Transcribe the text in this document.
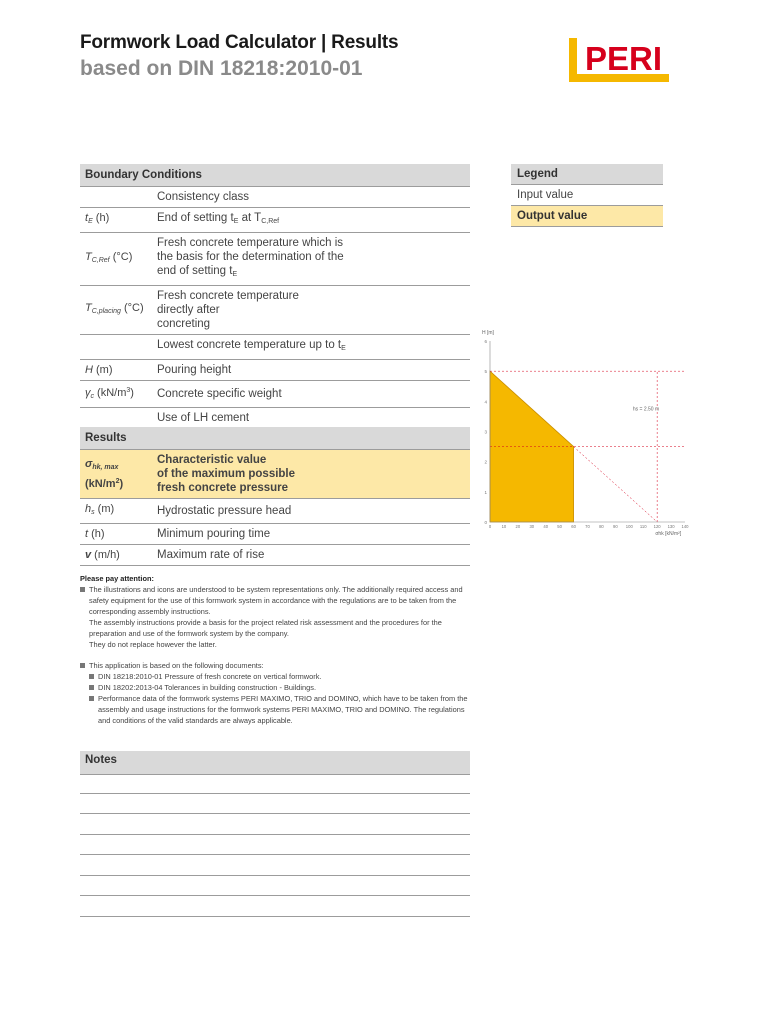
Formwork Load Calculator | Results
based on DIN 18218:2010-01	PERI
Boundary Conditions	
	Consistency class
$t_E$ (h)	End of setting $t_E$ at $T_{C,Ref}$
$T_{C,Ref}$ (°C)	Fresh concrete temperature which is
the basis for the determination of the
end of setting $t_E$
$T_{C,placing}$ (°C)	Fresh concrete temperature
directly after
concreting
	Lowest concrete temperature up to $t_E$
H (m)	Pouring height
$\gamma_c$ $(kN/m^3)$	Concrete specific weight
	Use of LH cement
Results	
$\sigma_{hk, max}$
$(kN/m^2)$	Characteristic value
of the maximum possible
fresh concrete pressure
$h_s$ (m)	Hydrostatic pressure head
t (h)	Minimum pouring time
v (m/h)	Maximum rate of rise
Legend
Input value
Output value
0
1
2
3
4
5
6
0 10 20 30 40 50 60 70 80 90 100 110 120 130 140
H [m]
σhk [kN/m²]
hs = 2.50 m
Please pay attention:
The illustrations and icons are understood to be system representations only. The additionally required access and safety equipment for the use of this formwork system in accordance with the regulations are to be taken from the corresponding assembly instructions.
The assembly instructions provide a basis for the project related risk assessment and the procedures for the preparation and use of the formwork system by the company.
They do not replace however the latter.
This application is based on the following documents:
DIN 18218:2010-01 Pressure of fresh concrete on vertical formwork.
DIN 18202:2013-04 Tolerances in building construction - Buildings.
Performance data of the formwork systems PERI MAXIMO, TRIO and DOMINO, which have to be taken from the assembly and usage instructions for the formwork systems PERI MAXIMO, TRIO and DOMINO. The regulations and conditions of the valid standards are always applicable.
Notes
